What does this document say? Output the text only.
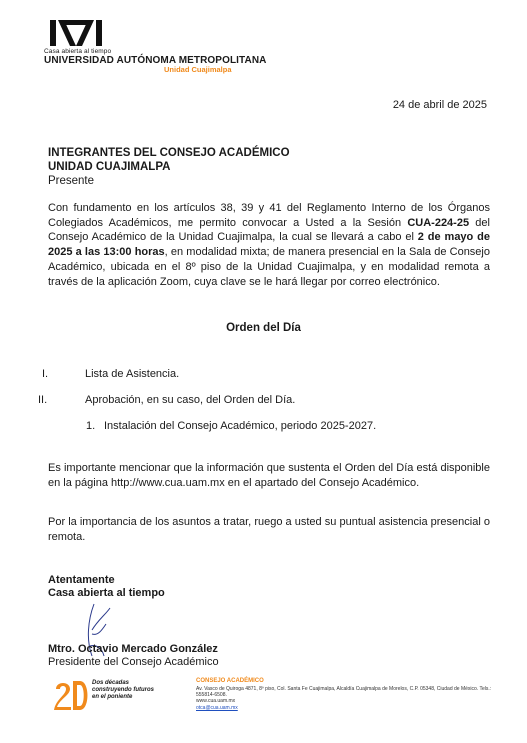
Casa abierta al tiempo
UNIVERSIDAD AUTÓNOMA METROPOLITANA
Unidad Cuajimalpa
24 de abril de 2025
INTEGRANTES DEL CONSEJO ACADÉMICO
UNIDAD CUAJIMALPA
Presente
Con fundamento en los artículos 38, 39 y 41 del Reglamento Interno de los Órganos Colegiados Académicos, me permito convocar a Usted a la Sesión CUA-224-25 del Consejo Académico de la Unidad Cuajimalpa, la cual se llevará a cabo el 2 de mayo de 2025 a las 13:00 horas, en modalidad mixta; de manera presencial en la Sala de Consejo Académico, ubicada en el 8º piso de la Unidad Cuajimalpa, y en modalidad remota a través de la aplicación Zoom, cuya clave se le hará llegar por correo electrónico.
Orden del Día
I.	Lista de Asistencia.
II.	Aprobación, en su caso, del Orden del Día.
1. Instalación del Consejo Académico, periodo 2025-2027.
Es importante mencionar que la información que sustenta el Orden del Día está disponible en la página http://www.cua.uam.mx en el apartado del Consejo Académico.
Por la importancia de los asuntos a tratar, ruego a usted su puntual asistencia presencial o remota.
Atentamente
Casa abierta al tiempo
Mtro. Octavio Mercado González
Presidente del Consejo Académico
Dos décadas
construyendo futuros
en el poniente
CONSEJO ACADÉMICO
Av. Vasco de Quiroga 4871, 8º piso, Col. Santa Fe Cuajimalpa, Alcaldía Cuajimalpa de Morelos, C.P. 05348, Ciudad de México. Tels.: 555814-6508.
www.cua.uam.mx
otca@cua.uam.mx
